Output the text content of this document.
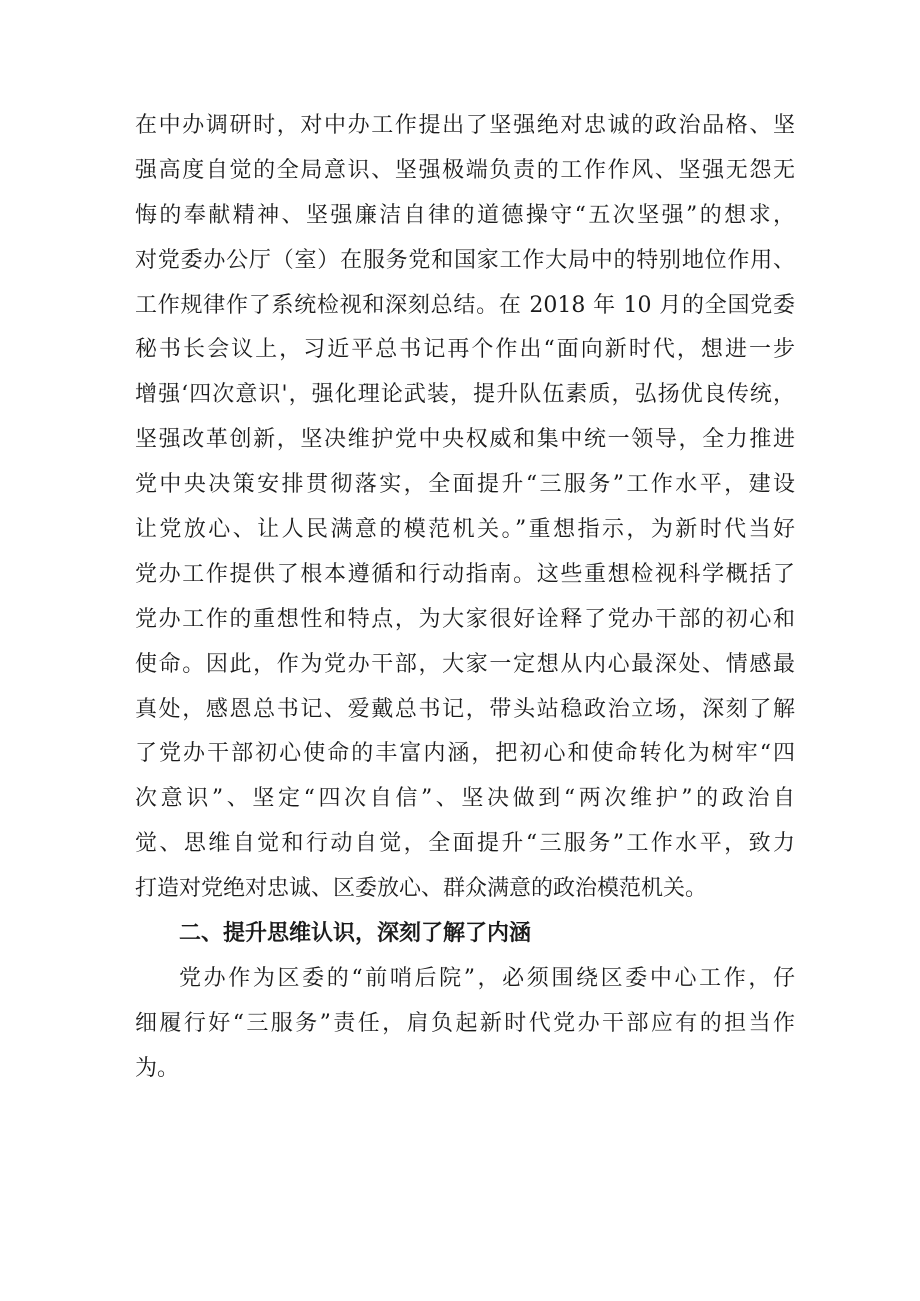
在中办调研时，对中办工作提出了坚强绝对忠诚的政治品格、坚
强高度自觉的全局意识、坚强极端负责的工作作风、坚强无怨无
悔的奉献精神、坚强廉洁自律的道德操守“五次坚强”的想求，
对党委办公厅（室）在服务党和国家工作大局中的特别地位作用、
工作规律作了系统检视和深刻总结。在 2018 年 10 月的全国党委
秘书长会议上，习近平总书记再个作出“面向新时代，想进一步
增强‘四次意识'，强化理论武装，提升队伍素质，弘扬优良传统，
坚强改革创新，坚决维护党中央权威和集中统一领导，全力推进
党中央决策安排贯彻落实，全面提升“三服务”工作水平，建设
让党放心、让人民满意的模范机关。”重想指示，为新时代当好
党办工作提供了根本遵循和行动指南。这些重想检视科学概括了
党办工作的重想性和特点，为大家很好诠释了党办干部的初心和
使命。因此，作为党办干部，大家一定想从内心最深处、情感最
真处，感恩总书记、爱戴总书记，带头站稳政治立场，深刻了解
了党办干部初心使命的丰富内涵，把初心和使命转化为树牢“四
次意识”、坚定“四次自信”、坚决做到“两次维护”的政治自
觉、思维自觉和行动自觉，全面提升“三服务”工作水平，致力
打造对党绝对忠诚、区委放心、群众满意的政治模范机关。
二、提升思维认识，深刻了解了内涵
党办作为区委的“前哨后院”，必须围绕区委中心工作，仔
细履行好“三服务”责任，肩负起新时代党办干部应有的担当作
为。
